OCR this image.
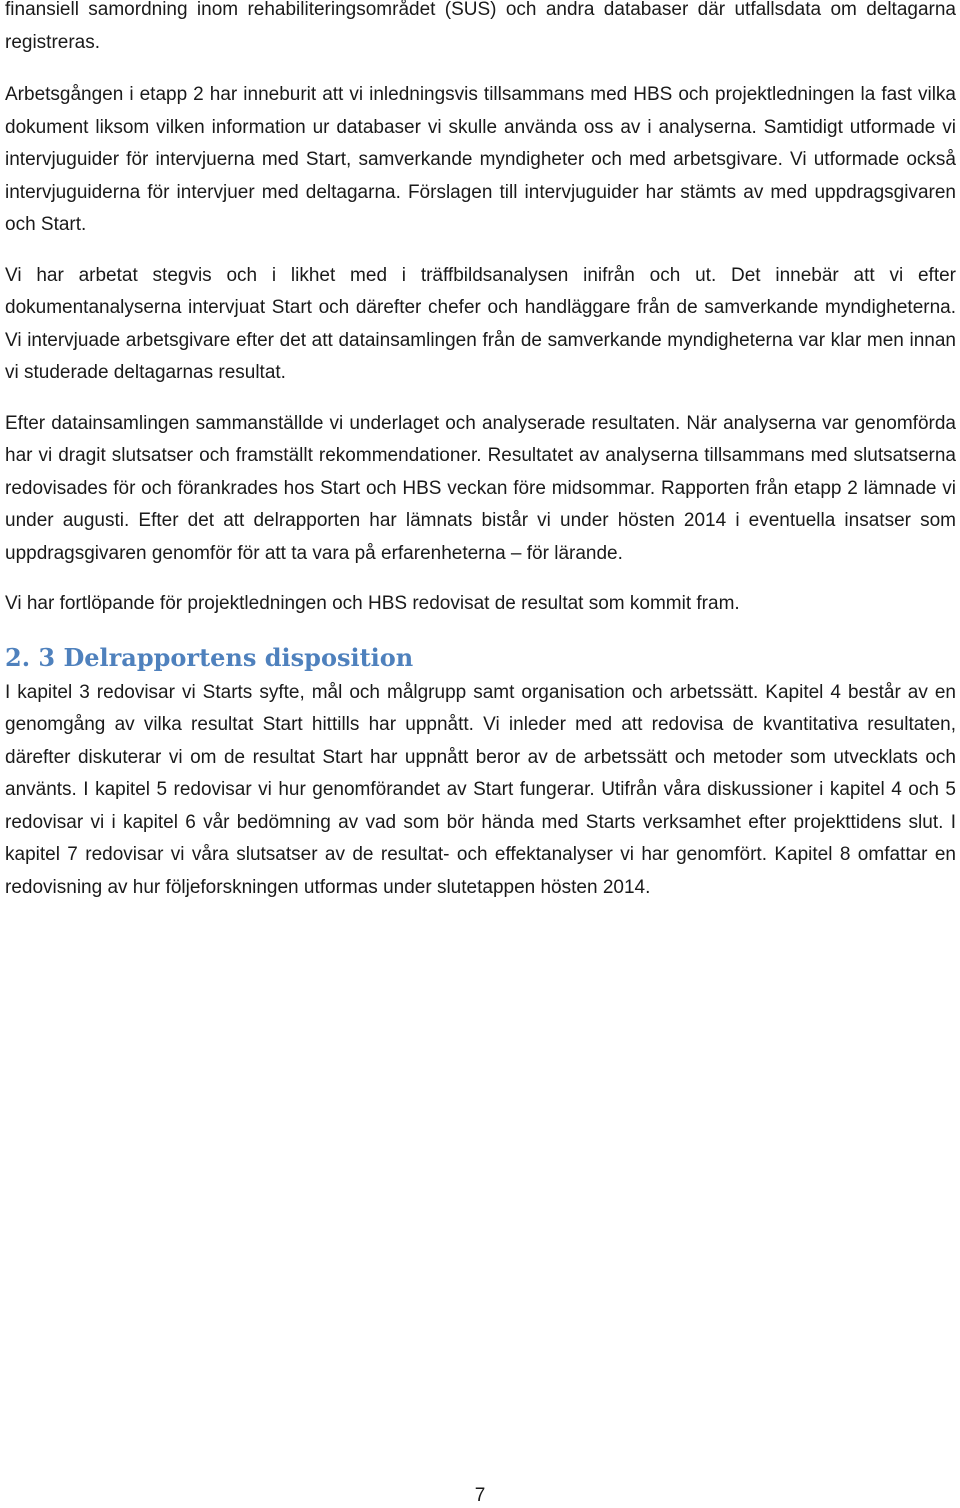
finansiell samordning inom rehabiliteringsområdet (SUS) och andra databaser där utfallsdata om deltagarna registreras.

Arbetsgången i etapp 2 har inneburit att vi inledningsvis tillsammans med HBS och projektledningen la fast vilka dokument liksom vilken information ur databaser vi skulle använda oss av i analyserna. Samtidigt utformade vi intervjuguider för intervjuerna med Start, samverkande myndigheter och med arbetsgivare. Vi utformade också intervjuguiderna för intervjuer med deltagarna. Förslagen till intervjuguider har stämts av med uppdragsgivaren och Start.

Vi har arbetat stegvis och i likhet med i träffbildsanalysen inifrån och ut. Det innebär att vi efter dokumentanalyserna intervjuat Start och därefter chefer och handläggare från de samverkande myndigheterna. Vi intervjuade arbetsgivare efter det att datainsamlingen från de samverkande myndigheterna var klar men innan vi studerade deltagarnas resultat.

Efter datainsamlingen sammanställde vi underlaget och analyserade resultaten. När analyserna var genomförda har vi dragit slutsatser och framställt rekommendationer. Resultatet av analyserna tillsammans med slutsatserna redovisades för och förankrades hos Start och HBS veckan före midsommar. Rapporten från etapp 2 lämnade vi under augusti. Efter det att delrapporten har lämnats bistår vi under hösten 2014 i eventuella insatser som uppdragsgivaren genomför för att ta vara på erfarenheterna – för lärande.

Vi har fortlöpande för projektledningen och HBS redovisat de resultat som kommit fram.

2. 3 Delrapportens disposition

I kapitel 3 redovisar vi Starts syfte, mål och målgrupp samt organisation och arbetssätt. Kapitel 4 består av en genomgång av vilka resultat Start hittills har uppnått. Vi inleder med att redovisa de kvantitativa resultaten, därefter diskuterar vi om de resultat Start har uppnått beror av de arbetssätt och metoder som utvecklats och använts. I kapitel 5 redovisar vi hur genomförandet av Start fungerar. Utifrån våra diskussioner i kapitel 4 och 5 redovisar vi i kapitel 6 vår bedömning av vad som bör hända med Starts verksamhet efter projekttidens slut. I kapitel 7 redovisar vi våra slutsatser av de resultat- och effektanalyser vi har genomfört. Kapitel 8 omfattar en redovisning av hur följeforskningen utformas under slutetappen hösten 2014.

7
